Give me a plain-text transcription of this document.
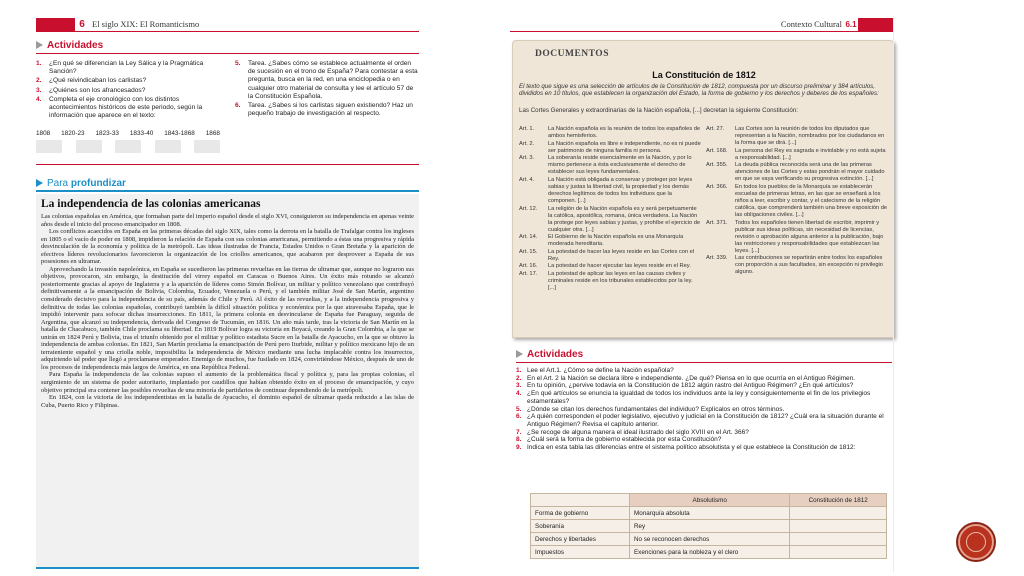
6 El siglo XIX: El Romanticismo
Actividades
1. ¿En qué se diferencian la Ley Sálica y la Pragmática Sanción?
2. ¿Qué reivindicaban los carlistas?
3. ¿Quiénes son los afrancesados?
4. Completa el eje cronológico con los distintos acontecimientos históricos de este periodo, según la información que aparece en el texto:
5. Tarea. ¿Sabes cómo se establece actualmente el orden de sucesión en el trono de España? Para contestar a esta pregunta, busca en la red, en una enciclopedia o en cualquier otro material de consulta y lee el artículo 57 de la Constitución Española.
6. Tarea. ¿Sabes si los carlistas siguen existiendo? Haz un pequeño trabajo de investigación al respecto.
1808 1820-23 1823-33 1833-40 1843-1868 1868
Para profundizar
La independencia de las colonias americanas

Las colonias españolas en América, que formaban parte del imperio español desde el siglo XVI, consiguieron su independencia en apenas veinte años desde el inicio del proceso emancipador en 1808.

Los conflictos acaecidos en España en las primeras décadas del siglo XIX, tales como la derrota en la batalla de Trafalgar contra los ingleses en 1805 o el vacío de poder en 1808, impidieron la relación de España con sus colonias americanas, permitiendo a éstas una progresiva y rápida desvinculación de la economía y política de la metrópoli. Las ideas ilustradas de Francia, Estados Unidos o Gran Bretaña y la aparición de efectivos líderes revolucionarios favorecieron la organización de los criollos americanos, que acabaron por desproveer a España de sus posesiones en ultramar.

Aprovechando la invasión napoleónica, en España se sucedieron las primeras revueltas en las tierras de ultramar que, aunque no lograron sus objetivos, provocaron, sin embargo, la destitución del virrey español en Caracas o Buenos Aires. Un éxito más rotundo se alcanzó posteriormente gracias al apoyo de Inglaterra y a la aparición de líderes como Simón Bolívar, un militar y político venezolano que contribuyó definitivamente a la emancipación de Bolivia, Colombia, Ecuador, Venezuela o Perú, y el también militar José de San Martín, argentino considerado decisivo para la independencia de su país, además de Chile y Perú. Al éxito de las revueltas, y a la independencia progresiva y definitiva de todas las colonias españolas, contribuyó también la difícil situación política y económica por la que atravesaba España, que le impidió intervenir para sofocar dichas insurrecciones. En 1811, la primera colonia en desvincularse de España fue Paraguay, seguida de Argentina, que alcanzó su independencia, derivada del Congreso de Tucumán, en 1816. Un año más tarde, tras la victoria de San Martín en la batalla de Chacabuco, también Chile proclama su libertad. En 1819 Bolívar logra su victoria en Boyacá, creando la Gran Colombia, a la que se unirán en 1824 Perú y Bolivia, tras el triunfo obtenido por el militar y político estadista Sucre en la batalla de Ayacucho, en la que se obtuvo la independencia de ambas colonias. En 1821, San Martín proclama la emancipación de Perú pero Iturbide, militar y político mexicano hijo de un terrateniente español y una criolla noble, imposibilita la independencia de México mediante una lucha implacable contra los insurrectos, adquiriendo tal poder que llegó a proclamarse emperador. Enemigo de muchos, fue fusilado en 1824, convirtiéndose México, después de uno de los procesos de independencia más largos de América, en una República Federal.

Para España la independencia de las colonias supuso el aumento de la problemática fiscal y política y, para las propias colonias, el surgimiento de un sistema de poder autoritario, implantado por caudillos que habían obtenido éxito en el proceso de emancipación, y cuyo objetivo principal era contener las posibles revueltas de una minoría de partidarios de continuar dependiendo de la metrópoli.

En 1824, con la victoria de los independentistas en la batalla de Ayacucho, el dominio español de ultramar queda reducido a las islas de Cuba, Puerto Rico y Filipinas.

Contexto Cultural 6.1
DOCUMENTOS
La Constitución de 1812
El texto que sigue es una selección de artículos de la Constitución de 1812, compuesta por un discurso preliminar y 384 artículos, divididos en 10 títulos, que establecen la organización del Estado, la forma de gobierno y los derechos y deberes de los españoles:
Las Cortes Generales y extraordinarias de la Nación española, [...] decretan la siguiente Constitución:
Art. 1. La Nación española es la reunión de todos los españoles de ambos hemisferios.
Art. 2. La Nación española es libre e independiente, no es ni puede ser patrimonio de ninguna familia ni persona.
Art. 3. La soberanía reside esencialmente en la Nación, y por lo mismo pertenece a ésta exclusivamente el derecho de establecer sus leyes fundamentales.
Art. 4. La Nación está obligada a conservar y proteger por leyes sabias y justas la libertad civil, la propiedad y los demás derechos legítimos de todos los individuos que la componen. [...]
Art. 12. La religión de la Nación española es y será perpetuamente la católica, apostólica, romana, única verdadera. La Nación la protege por leyes sabias y justas, y prohíbe el ejercicio de cualquier otra. [...]
Art. 14. El Gobierno de la Nación española es una Monarquía moderada hereditaria.
Art. 15. La potestad de hacer las leyes reside en las Cortes con el Rey.
Art. 16. La potestad de hacer ejecutar las leyes reside en el Rey.
Art. 17. La potestad de aplicar las leyes en las causas civiles y criminales reside en los tribunales establecidos por la ley. [...]
Art. 27. Las Cortes son la reunión de todos los diputados que representan a la Nación, nombrados por los ciudadanos en la forma que se dirá. [...]
Art. 168. La persona del Rey es sagrada e inviolable y no está sujeta a responsabilidad. [...]
Art. 355. La deuda pública reconocida será una de las primeras atenciones de las Cortes y estas pondrán el mayor cuidado en que se vaya verificando su progresiva extinción. [...]
Art. 366. En todos los pueblos de la Monarquía se establecerán escuelas de primeras letras, en las que se enseñará a los niños a leer, escribir y contar, y el catecismo de la religión católica, que comprenderá también una breve exposición de las obligaciones civiles. [...]
Art. 371. Todos los españoles tienen libertad de escribir, imprimir y publicar sus ideas políticas, sin necesidad de licencias, revisión o aprobación alguna anterior a la publicación, bajo las restricciones y responsabilidades que establezcan las leyes. [...]
Art. 339. Las contribuciones se repartirán entre todos los españoles con proporción a sus facultades, sin excepción ni privilegio alguno.
Actividades
1. Lee el Art.1. ¿Cómo se define la Nación española?
2. En el Art. 2 la Nación se declara libre e independiente. ¿De qué? Piensa en lo que ocurría en el Antiguo Régimen.
3. En tu opinión, ¿pervive todavía en la Constitución de 1812 algún rastro del Antiguo Régimen? ¿En qué artículos?
4. ¿En qué artículos se enuncia la igualdad de todos los individuos ante la ley y consiguientemente el fin de los privilegios estamentales?
5. ¿Dónde se citan los derechos fundamentales del individuo? Explícalos en otros términos.
6. ¿A quién corresponden el poder legislativo, ejecutivo y judicial en la Constitución de 1812? ¿Cuál era la situación durante el Antiguo Régimen? Revisa el capítulo anterior.
7. ¿Se recoge de alguna manera el ideal ilustrado del siglo XVIII en el Art. 366?
8. ¿Cuál será la forma de gobierno establecida por esta Constitución?
9. Indica en esta tabla las diferencias entre el sistema político absolutista y el que establece la Constitución de 1812:
	Absolutismo	Constitución de 1812
Forma de gobierno	Monarquía absoluta	
Soberanía	Rey	
Derechos y libertades	No se reconocen derechos	
Impuestos	Exenciones para la nobleza y el clero	
